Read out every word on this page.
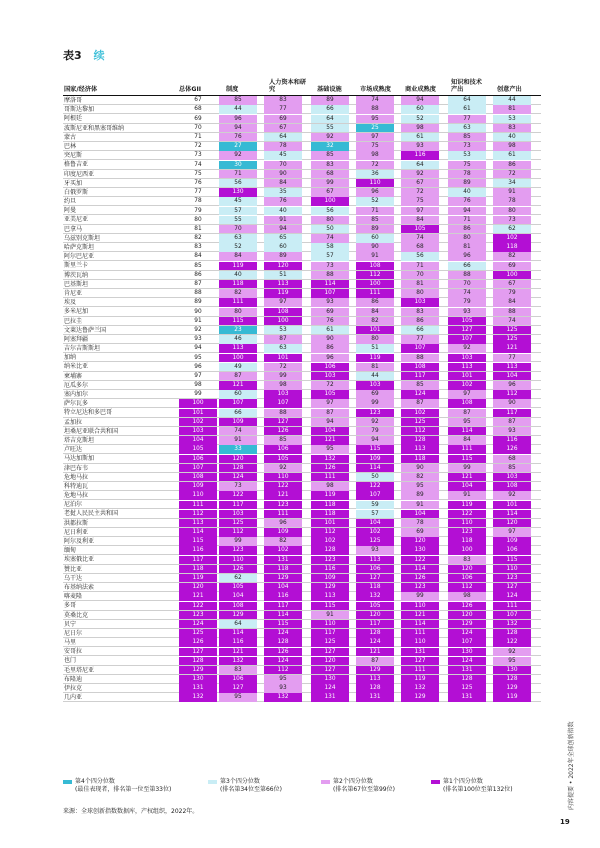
表3 续
国家/经济体	总体GII	制度
人力资本和研究	基础设施	市场成熟度 商业成熟度
知识和技术产出	创意产出
摩洛哥	67	85	83	89	74	94	64	44
哥斯达黎加	68	44	77	66	88	60	61	81
阿根廷	69	96	69	64	95	52	77	53
波斯尼亚和黑塞哥维纳	70	94	67	55	25	98	63	83
蒙古	71	76	64	92	97	61	85	40
巴林	72	27	78	32	75	93	73	98
突尼斯	73	92	45	85	98	116	53	61
格鲁吉亚	74	30	70	83	72	64	75	86
印度尼西亚	75	71	90	68	36	92	78	72
牙买加	76	56	84	99	110	67	89	34
白俄罗斯	77	130	35	67	96	72	40	91
约旦	78	45	76	100	52	75	76	78
阿曼	79	57	40	56	71	97	94	80
亚美尼亚	80	55	91	80	85	84	71	73
巴拿马	81	70	94	50	89	105	86	62
乌兹别克斯坦	82	63	65	74	60	74	80	102
哈萨克斯坦	83	52	60	58	90	68	81	118
阿尔巴尼亚	84	84	89	57	91	56	96	82
斯里兰卡	85	119	120	73	108	71	66	69
博茨瓦纳	86	40	51	88	112	70	88	100
巴基斯坦	87	118	113	114	100	81	70	67
肯尼亚	88	82	119	107	111	80	74	79
埃及	89	111	97	93	86	103	79	84
多米尼加	90	80	108	69	84	83	93	88
巴拉圭	91	115	100	76	82	86	105	74
文莱达鲁萨兰国	92	23	53	61	101	66	127	125
阿塞拜疆	93	46	87	90	80	77	107	125
吉尔吉斯斯坦	94	113	63	86	51	107	92	121
加纳	95	100	101	96	119	88	103	77
纳米比亚	96	49	72	106	81	108	113	113
柬埔寨	97	87	99	103	44	117	101	104
厄瓜多尔	98	121	98	72	103	85	102	96
塞内加尔	99	60	103	105	69	124	97	112
萨尔瓦多	100	107	107	97	99	87	108	90
特立尼达和多巴哥	101	66	88	87	123	102	87	117
孟加拉	102	109	127	94	92	125	95	87
坦桑尼亚联合共和国	103	74	126	104	79	112	114	93
塔吉克斯坦	104	91	85	121	94	128	84	116
卢旺达	105	33	106	95	115	113	111	126
马达加斯加	106	120	105	132	109	118	115	68
津巴布韦	107	128	92	126	114	90	99	85
危地马拉	108	124	110	111	50	82	121	103
科特迪瓦	109	73	122	98	122	95	104	108
危地马拉	110	122	121	119	107	89	91	92
尼泊尔	111	117	123	118	59	91	119	101
老挝人民民主共和国	112	103	111	118	57	104	122	114
洪都拉斯	113	125	96	101	104	78	110	120
尼日利亚	114	112	109	112	102	69	123	97
阿尔及利亚	115	99	82	102	125	120	118	109
缅甸	116	123	102	128	93	130	100	106
埃塞俄比亚	117	110	131	123	113	122	83	115
赞比亚	118	126	118	116	106	114	120	110
乌干达	119	62	129	109	127	126	106	123
布基纳法索	120	105	104	129	118	123	112	127
喀麦隆	121	104	116	113	132	99	98	124
多哥	122	108	117	115	105	110	126	111
莫桑比克	123	129	114	91	120	121	120	107
贝宁	124	64	115	110	117	114	129	132
尼日尔	125	114	124	117	128	111	124	128
马里	126	116	128	125	124	110	107	122
安哥拉	127	121	126	127	121	131	130	92
也门	128	132	124	120	87	127	124	95
毛里塔尼亚	129	83	112	127	129	111	131	130
布隆迪	130	106	95	130	113	119	128	128
伊拉克	131	127	93	124	128	132	125	129
几内亚	132	95	132	131	131	129	131	119
第4个四分位数
(最佳表现者，排名第一位至第33位)
第3个四分位数
(排名第34位至第66位)
第2个四分位数
(排名第67位至第99位)
第1个四分位数
(排名第100位至第132位)
来源：全球创新指数数据库，产权组织，2022年。
内容提要 • 2022年全球创新指数
19
